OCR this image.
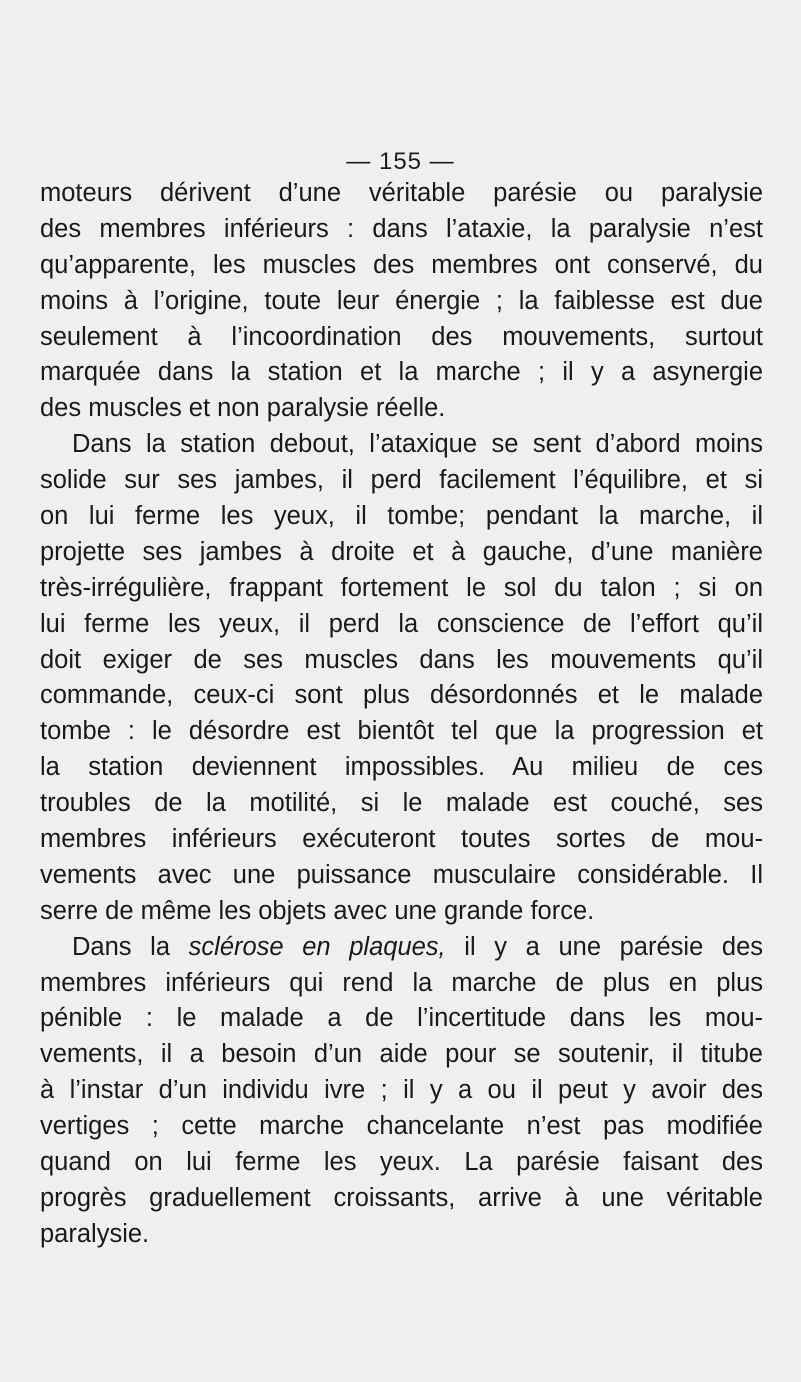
— 155 —
moteurs dérivent d’une véritable parésie ou paralysie
des membres inférieurs : dans l’ataxie, la paralysie n’est
qu’apparente, les muscles des membres ont conservé, du
moins à l’origine, toute leur énergie ; la faiblesse est due
seulement à l’incoordination des mouvements, surtout
marquée dans la station et la marche ; il y a asynergie
des muscles et non paralysie réelle.
Dans la station debout, l’ataxique se sent d’abord moins
solide sur ses jambes, il perd facilement l’équilibre, et si
on lui ferme les yeux, il tombe; pendant la marche, il
projette ses jambes à droite et à gauche, d’une manière
très-irrégulière, frappant fortement le sol du talon ; si on
lui ferme les yeux, il perd la conscience de l’effort qu’il
doit exiger de ses muscles dans les mouvements qu’il
commande, ceux-ci sont plus désordonnés et le malade
tombe : le désordre est bientôt tel que la progression et
la station deviennent impossibles. Au milieu de ces
troubles de la motilité, si le malade est couché, ses
membres inférieurs exécuteront toutes sortes de mou-
vements avec une puissance musculaire considérable. Il
serre de même les objets avec une grande force.
Dans la sclérose en plaques, il y a une parésie des
membres inférieurs qui rend la marche de plus en plus
pénible : le malade a de l’incertitude dans les mou-
vements, il a besoin d’un aide pour se soutenir, il titube
à l’instar d’un individu ivre ; il y a ou il peut y avoir des
vertiges ; cette marche chancelante n’est pas modifiée
quand on lui ferme les yeux. La parésie faisant des
progrès graduellement croissants, arrive à une véritable
paralysie.
